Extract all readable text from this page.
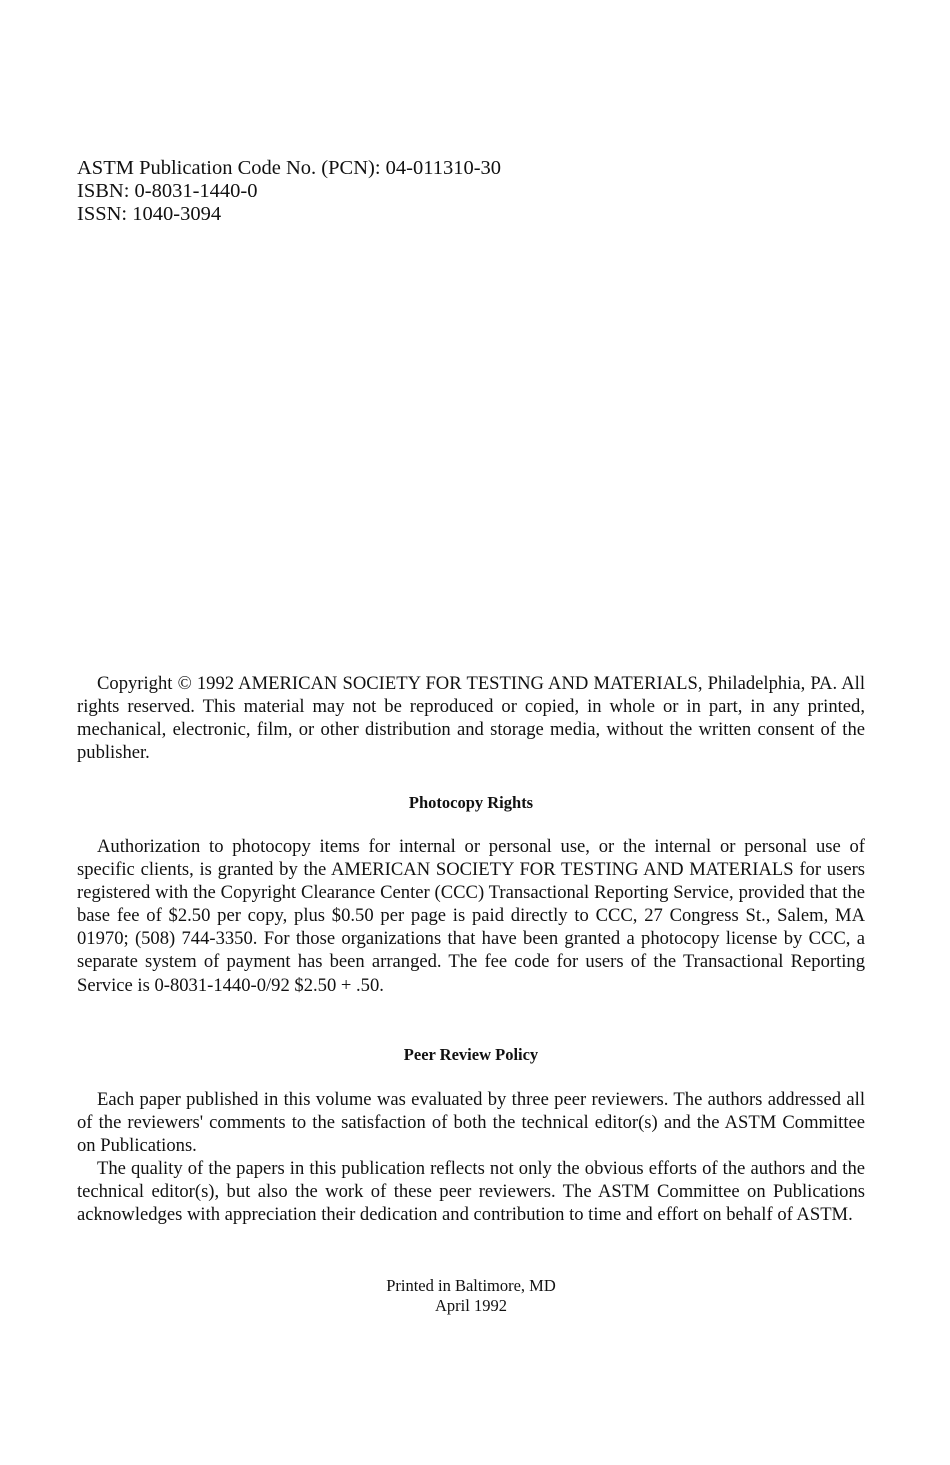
ASTM Publication Code No. (PCN): 04-011310-30
ISBN: 0-8031-1440-0
ISSN: 1040-3094

Copyright © 1992 AMERICAN SOCIETY FOR TESTING AND MATERIALS, Philadelphia, PA. All rights reserved. This material may not be reproduced or copied, in whole or in part, in any printed, mechanical, electronic, film, or other distribution and storage media, without the written consent of the publisher.

Photocopy Rights

Authorization to photocopy items for internal or personal use, or the internal or personal use of specific clients, is granted by the AMERICAN SOCIETY FOR TESTING AND MATERIALS for users registered with the Copyright Clearance Center (CCC) Transactional Reporting Service, provided that the base fee of $2.50 per copy, plus $0.50 per page is paid directly to CCC, 27 Congress St., Salem, MA 01970; (508) 744-3350. For those organizations that have been granted a photocopy license by CCC, a separate system of payment has been arranged. The fee code for users of the Transactional Reporting Service is 0-8031-1440-0/92 $2.50 + .50.

Peer Review Policy

Each paper published in this volume was evaluated by three peer reviewers. The authors addressed all of the reviewers' comments to the satisfaction of both the technical editor(s) and the ASTM Committee on Publications.

The quality of the papers in this publication reflects not only the obvious efforts of the authors and the technical editor(s), but also the work of these peer reviewers. The ASTM Committee on Publications acknowledges with appreciation their dedication and contribution to time and effort on behalf of ASTM.

Printed in Baltimore, MD
April 1992
